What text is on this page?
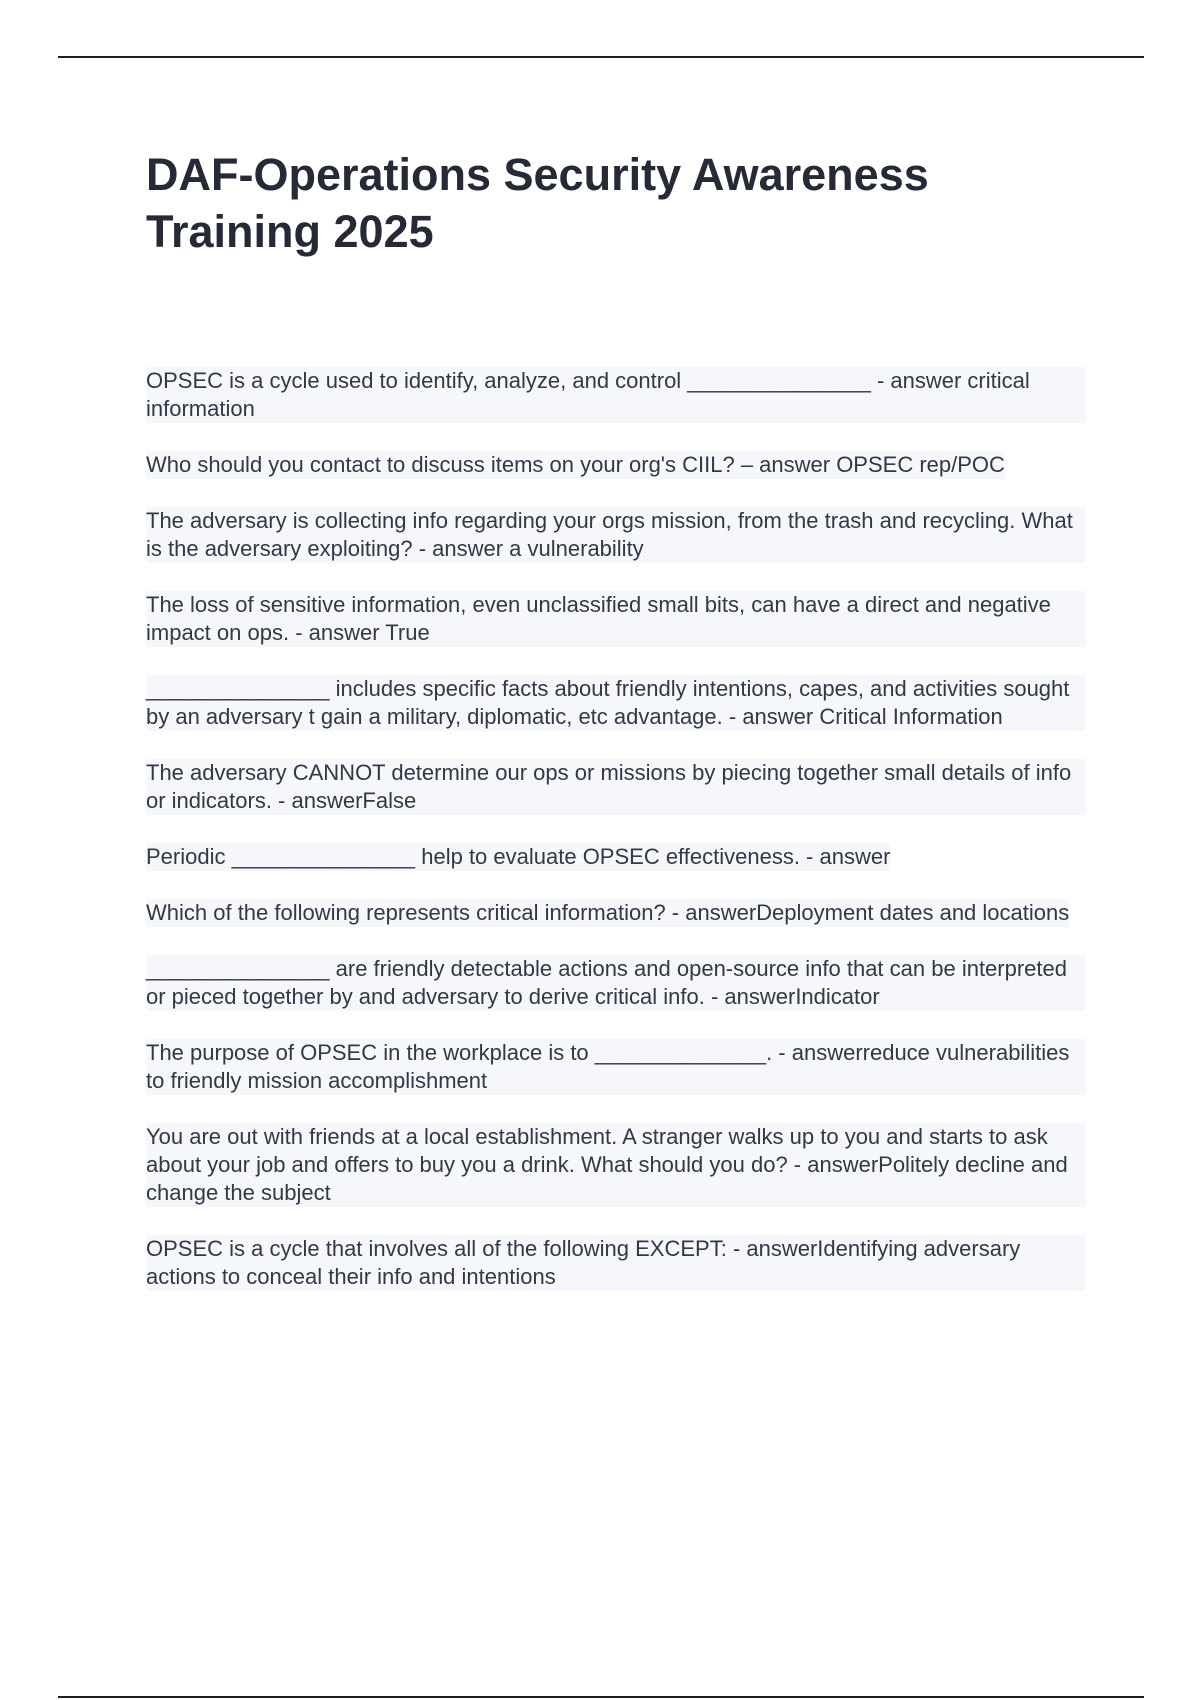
DAF-Operations Security Awareness Training 2025

OPSEC is a cycle used to identify, analyze, and control _______________ - answer critical information

Who should you contact to discuss items on your org's CIIL? – answer OPSEC rep/POC

The adversary is collecting info regarding your orgs mission, from the trash and recycling. What is the adversary exploiting? - answer a vulnerability

The loss of sensitive information, even unclassified small bits, can have a direct and negative impact on ops. - answer True

_______________ includes specific facts about friendly intentions, capes, and activities sought by an adversary t gain a military, diplomatic, etc advantage. - answer Critical Information

The adversary CANNOT determine our ops or missions by piecing together small details of info or indicators. - answerFalse

Periodic _______________ help to evaluate OPSEC effectiveness. - answer

Which of the following represents critical information? - answerDeployment dates and locations

_______________ are friendly detectable actions and open-source info that can be interpreted or pieced together by and adversary to derive critical info. - answerIndicator

The purpose of OPSEC in the workplace is to ______________. - answerreduce vulnerabilities to friendly mission accomplishment

You are out with friends at a local establishment. A stranger walks up to you and starts to ask about your job and offers to buy you a drink. What should you do? - answerPolitely decline and change the subject

OPSEC is a cycle that involves all of the following EXCEPT: - answerIdentifying adversary actions to conceal their info and intentions
